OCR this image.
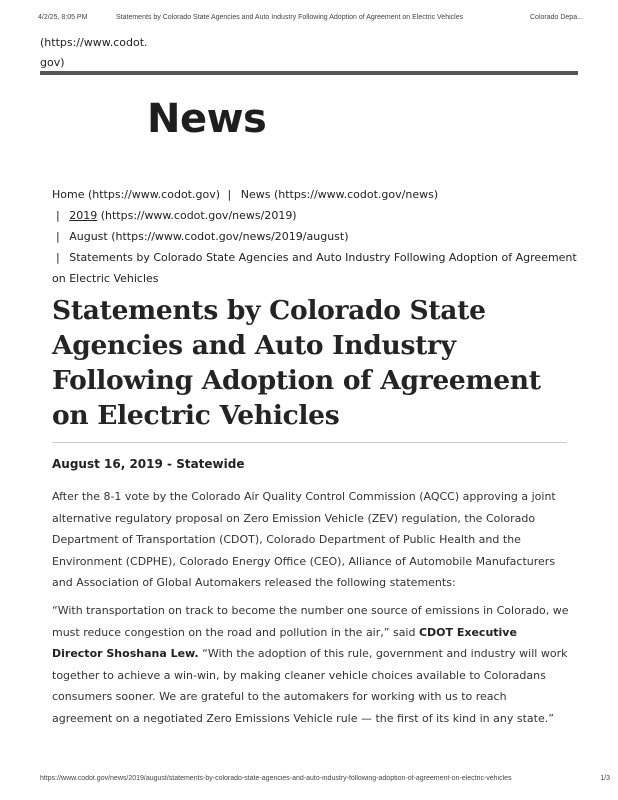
4/2/25, 8:05 PM	Statements by Colorado State Agencies and Auto Industry Following Adoption of Agreement on Electric Vehicles	Colorado Depa...
(https://www.codot.
gov)
News
Home (https://www.codot.gov) | News (https://www.codot.gov/news)
| 2019 (https://www.codot.gov/news/2019)
| August (https://www.codot.gov/news/2019/august)
| Statements by Colorado State Agencies and Auto Industry Following Adoption of Agreement
on Electric Vehicles
Statements by Colorado State Agencies and Auto Industry Following Adoption of Agreement on Electric Vehicles
August 16, 2019 - Statewide

After the 8-1 vote by the Colorado Air Quality Control Commission (AQCC) approving a joint alternative regulatory proposal on Zero Emission Vehicle (ZEV) regulation, the Colorado Department of Transportation (CDOT), Colorado Department of Public Health and the Environment (CDPHE), Colorado Energy Office (CEO), Alliance of Automobile Manufacturers and Association of Global Automakers released the following statements:

“With transportation on track to become the number one source of emissions in Colorado, we must reduce congestion on the road and pollution in the air,” said CDOT Executive Director Shoshana Lew. “With the adoption of this rule, government and industry will work together to achieve a win-win, by making cleaner vehicle choices available to Coloradans consumers sooner. We are grateful to the automakers for working with us to reach agreement on a negotiated Zero Emissions Vehicle rule — the first of its kind in any state.”

https://www.codot.gov/news/2019/august/statements-by-colorado-state-agencies-and-auto-industry-following-adoption-of-agreement-on-electric-vehicles	1/3
